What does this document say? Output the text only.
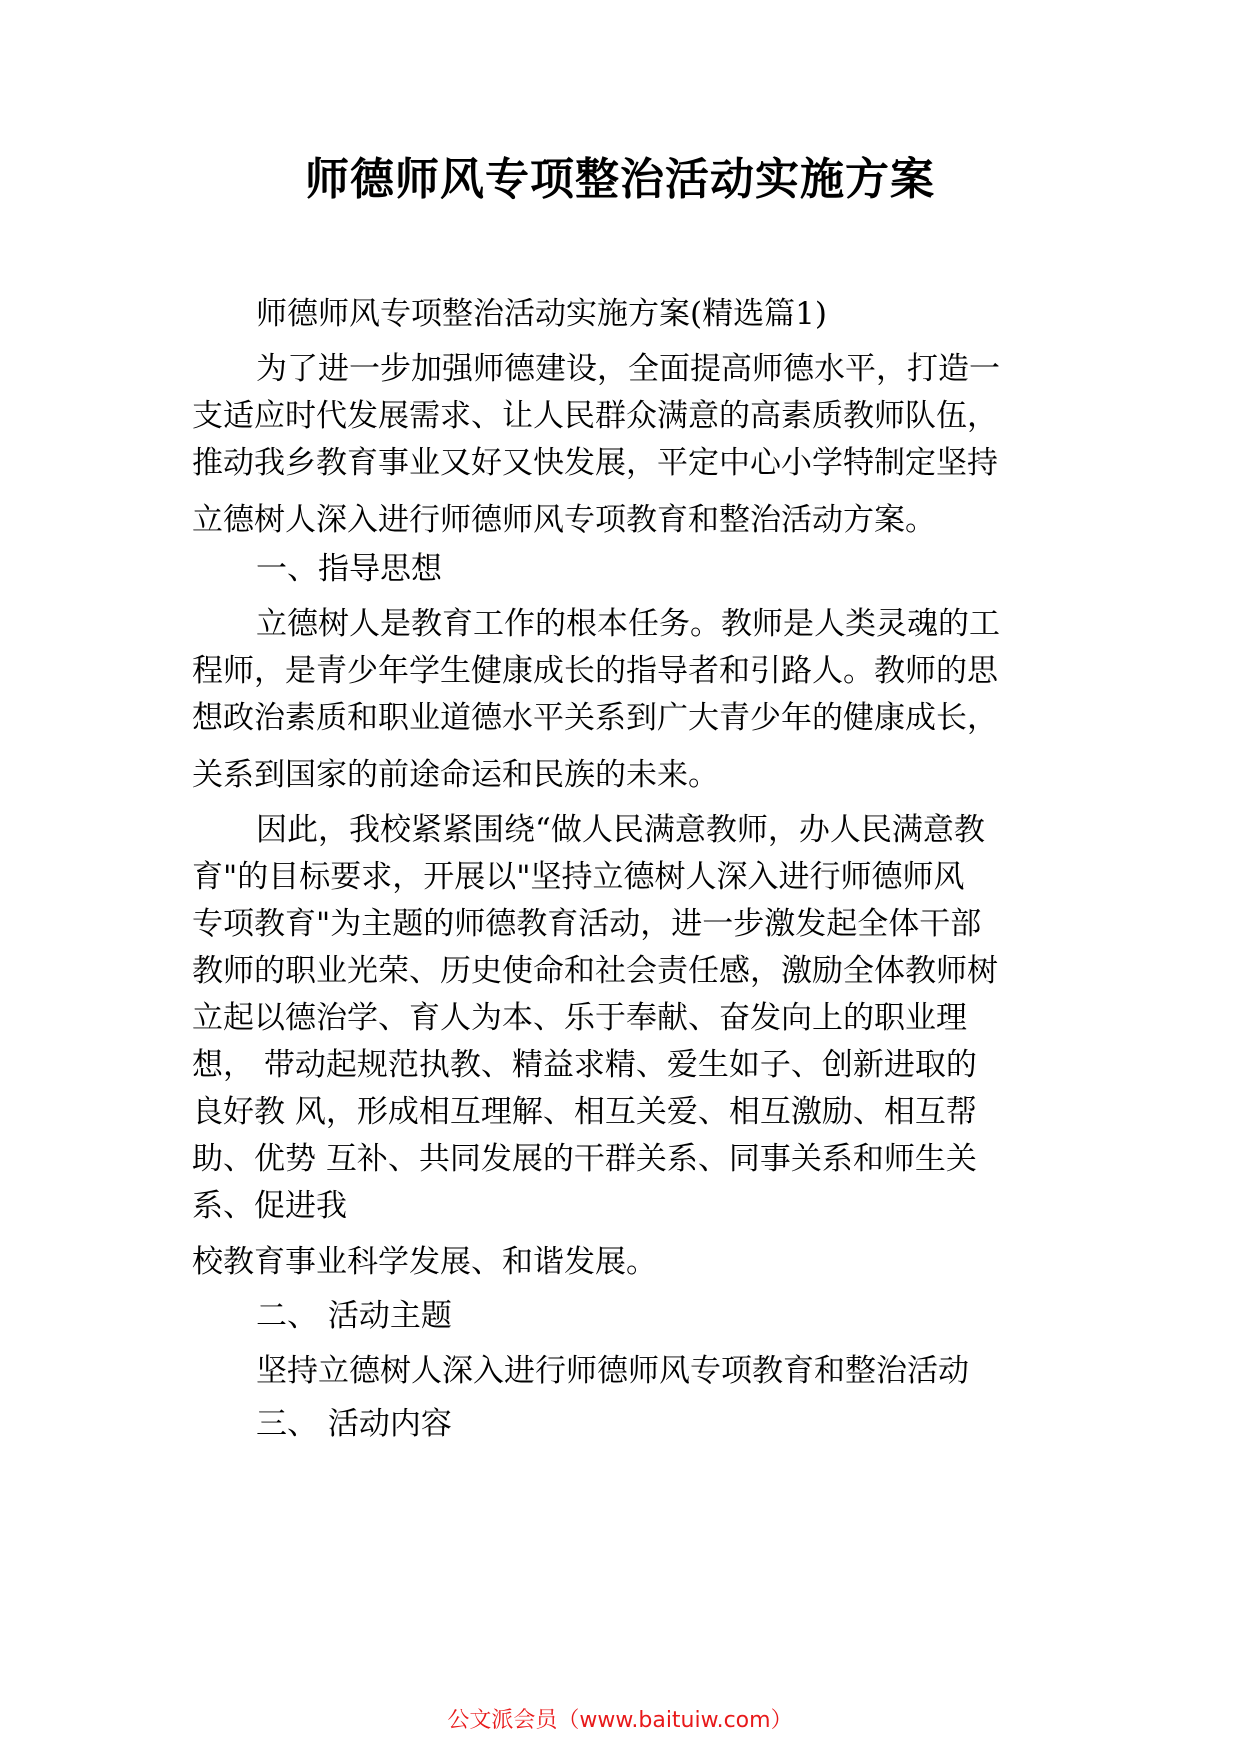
师德师风专项整治活动实施方案
师德师风专项整治活动实施方案(精选篇1)
为了进一步加强师德建设，全面提高师德水平，打造一
支适应时代发展需求、让人民群众满意的高素质教师队伍，
推动我乡教育事业又好又快发展，平定中心小学特制定坚持
立德树人深入进行师德师风专项教育和整治活动方案。
一、指导思想
立德树人是教育工作的根本任务。教师是人类灵魂的工
程师，是青少年学生健康成长的指导者和引路人。教师的思
想政治素质和职业道德水平关系到广大青少年的健康成长，
关系到国家的前途命运和民族的未来。
因此，我校紧紧围绕“做人民满意教师，办人民满意教
育"的目标要求，开展以"坚持立德树人深入进行师德师风
专项教育"为主题的师德教育活动，进一步激发起全体干部
教师的职业光荣、历史使命和社会责任感，激励全体教师树
立起以德治学、育人为本、乐于奉献、奋发向上的职业理
想， 带动起规范执教、精益求精、爱生如子、创新进取的
良好教 风，形成相互理解、相互关爱、相互激励、相互帮
助、优势 互补、共同发展的干群关系、同事关系和师生关
系、促进我
校教育事业科学发展、和谐发展。
二、 活动主题
坚持立德树人深入进行师德师风专项教育和整治活动
三、 活动内容
公文派会员（www.baituiw.com）
